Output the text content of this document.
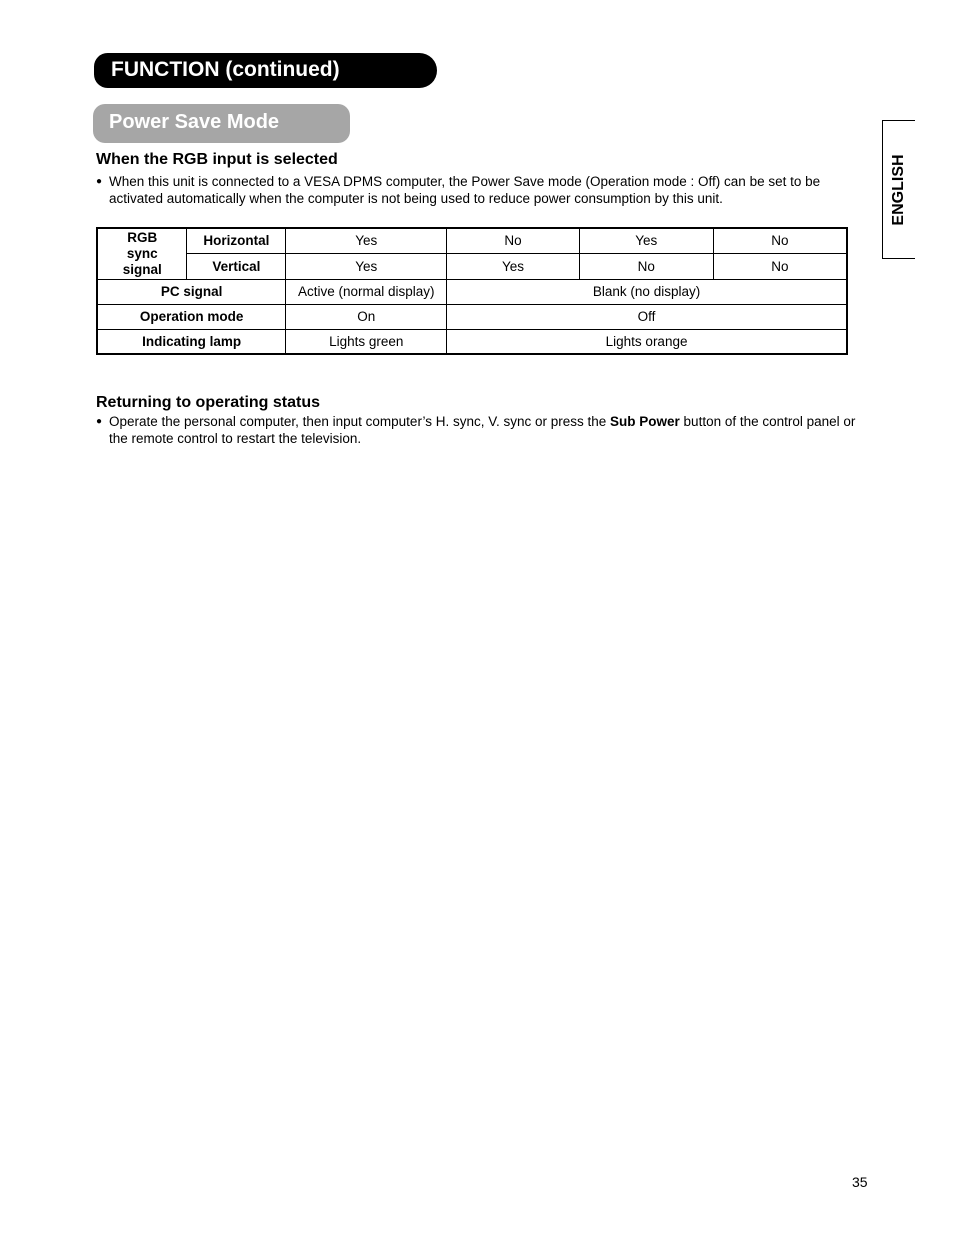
FUNCTION (continued)
Power Save Mode
ENGLISH
When the RGB input is selected
● When this unit is connected to a VESA DPMS computer, the Power Save mode (Operation mode : Off) can be set to be activated automatically when the computer is not being used to reduce power consumption by this unit.
RGB
sync
signal	Horizontal	Yes	No	Yes	No
	Vertical	Yes	Yes	No	No
PC signal		Active (normal display)	Blank (no display)		
Operation mode		On	Off		
Indicating lamp		Lights green	Lights orange		
Returning to operating status
● Operate the personal computer, then input computer’s H. sync, V. sync or press the Sub Power button of the control panel or the remote control to restart the television.
35
